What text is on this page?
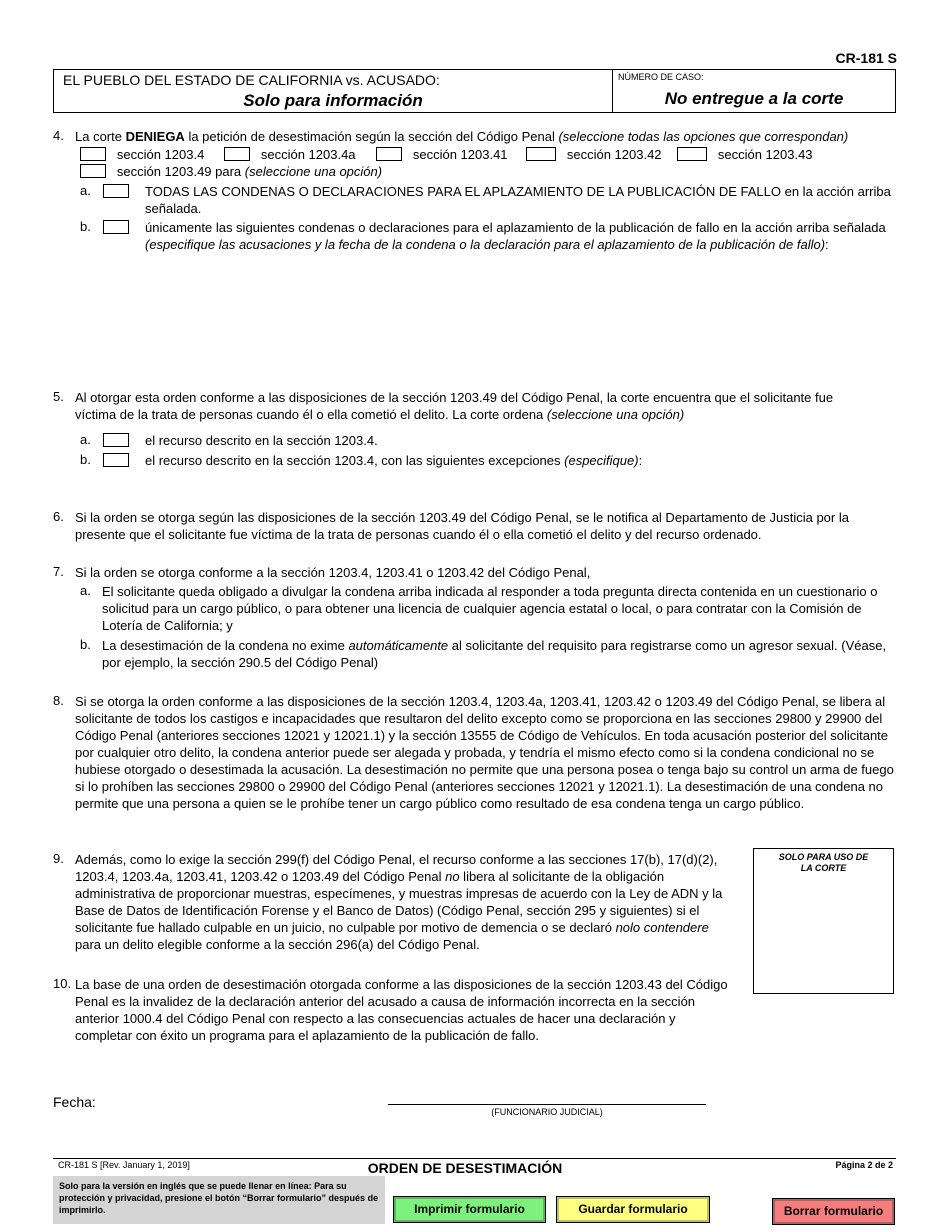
CR-181 S
EL PUEBLO DEL ESTADO DE CALIFORNIA vs. ACUSADO:
Solo para información
NÚMERO DE CASO:
No entregue a la corte
4. La corte DENIEGA la petición de desestimación según la sección del Código Penal (seleccione todas las opciones que correspondan)
sección 1203.4	sección 1203.4a	sección 1203.41	sección 1203.42	sección 1203.43
sección 1203.49 para (seleccione una opción)
a.	TODAS LAS CONDENAS O DECLARACIONES PARA EL APLAZAMIENTO DE LA PUBLICACIÓN DE FALLO en la acción arriba señalada.
b.	únicamente las siguientes condenas o declaraciones para el aplazamiento de la publicación de fallo en la acción arriba señalada
(especifique las acusaciones y la fecha de la condena o la declaración para el aplazamiento de la publicación de fallo):
5. Al otorgar esta orden conforme a las disposiciones de la sección 1203.49 del Código Penal, la corte encuentra que el solicitante fue víctima de la trata de personas cuando él o ella cometió el delito. La corte ordena (seleccione una opción)
a.	el recurso descrito en la sección 1203.4.
b.	el recurso descrito en la sección 1203.4, con las siguientes excepciones (especifique):
6. Si la orden se otorga según las disposiciones de la sección 1203.49 del Código Penal, se le notifica al Departamento de Justicia por la presente que el solicitante fue víctima de la trata de personas cuando él o ella cometió el delito y del recurso ordenado.
7. Si la orden se otorga conforme a la sección 1203.4, 1203.41 o 1203.42 del Código Penal,
a. El solicitante queda obligado a divulgar la condena arriba indicada al responder a toda pregunta directa contenida en un cuestionario o solicitud para un cargo público, o para obtener una licencia de cualquier agencia estatal o local, o para contratar con la Comisión de Lotería de California; y
b. La desestimación de la condena no exime automáticamente al solicitante del requisito para registrarse como un agresor sexual. (Véase, por ejemplo, la sección 290.5 del Código Penal)
8. Si se otorga la orden conforme a las disposiciones de la sección 1203.4, 1203.4a, 1203.41, 1203.42 o 1203.49 del Código Penal, se libera al solicitante de todos los castigos e incapacidades que resultaron del delito excepto como se proporciona en las secciones 29800 y 29900 del Código Penal (anteriores secciones 12021 y 12021.1) y la sección 13555 de Código de Vehículos. En toda acusación posterior del solicitante por cualquier otro delito, la condena anterior puede ser alegada y probada, y tendría el mismo efecto como si la condena condicional no se hubiese otorgado o desestimada la acusación. La desestimación no permite que una persona posea o tenga bajo su control un arma de fuego si lo prohíben las secciones 29800 o 29900 del Código Penal (anteriores secciones 12021 y 12021.1). La desestimación de una condena no permite que una persona a quien se le prohíbe tener un cargo público como resultado de esa condena tenga un cargo público.
9. Además, como lo exige la sección 299(f) del Código Penal, el recurso conforme a las secciones 17(b), 17(d)(2), 1203.4, 1203.4a, 1203.41, 1203.42 o 1203.49 del Código Penal no libera al solicitante de la obligación administrativa de proporcionar muestras, especímenes, y muestras impresas de acuerdo con la Ley de ADN y la Base de Datos de Identificación Forense y el Banco de Datos) (Código Penal, sección 295 y siguientes) si el solicitante fue hallado culpable en un juicio, no culpable por motivo de demencia o se declaró nolo contendere para un delito elegible conforme a la sección 296(a) del Código Penal.
SOLO PARA USO DE LA CORTE
10. La base de una orden de desestimación otorgada conforme a las disposiciones de la sección 1203.43 del Código Penal es la invalidez de la declaración anterior del acusado a causa de información incorrecta en la sección anterior 1000.4 del Código Penal con respecto a las consecuencias actuales de hacer una declaración y completar con éxito un programa para el aplazamiento de la publicación de fallo.
Fecha:
(FUNCIONARIO JUDICIAL)
CR-181 S [Rev. January 1, 2019]	ORDEN DE DESESTIMACIÓN	Página 2 de 2
Solo para la versión en inglés que se puede llenar en línea: Para su protección y privacidad, presione el botón “Borrar formulario” después de imprimirlo.	Imprimir formulario	Guardar formulario	Borrar formulario
